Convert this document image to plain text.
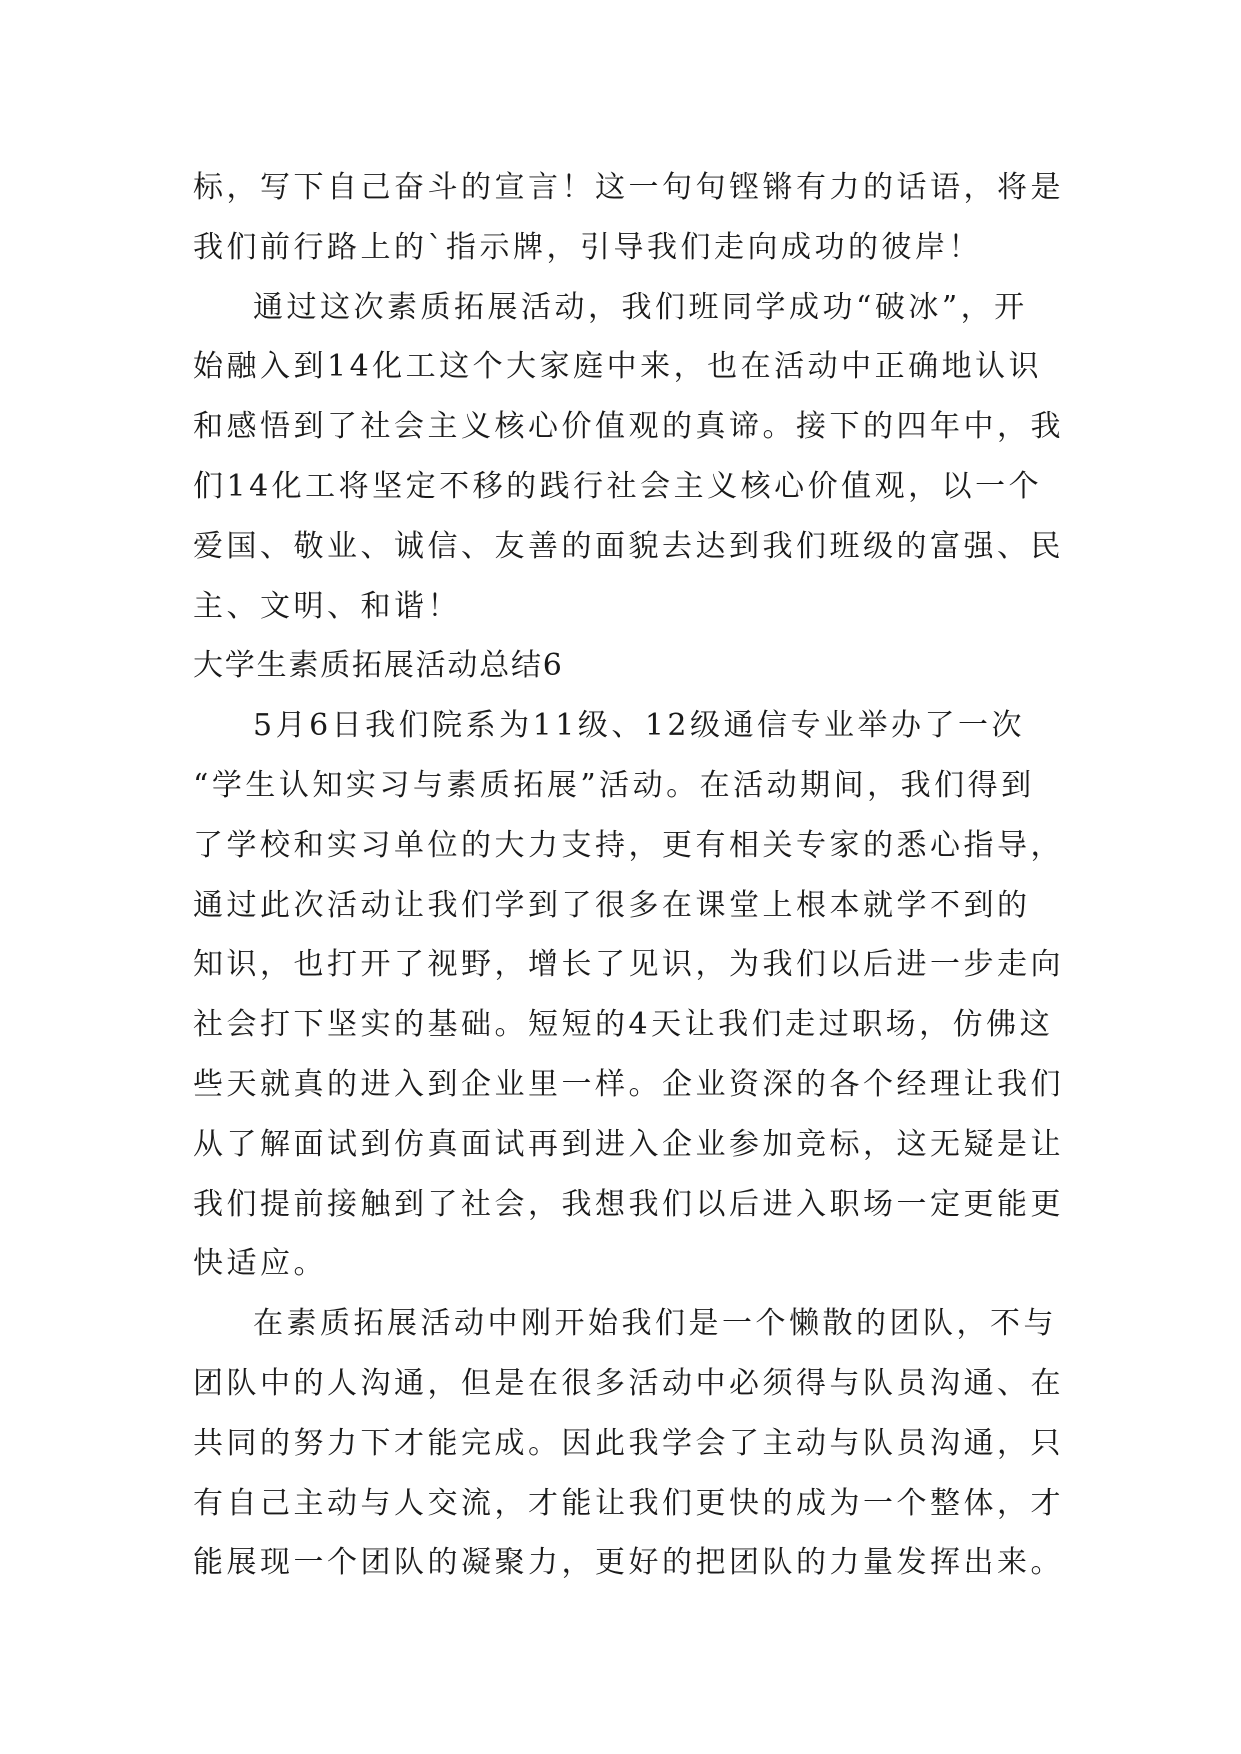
标，写下自己奋斗的宣言！这一句句铿锵有力的话语，将是
我们前行路上的`指示牌，引导我们走向成功的彼岸！
通过这次素质拓展活动，我们班同学成功“破冰”，开
始融入到14化工这个大家庭中来，也在活动中正确地认识
和感悟到了社会主义核心价值观的真谛。接下的四年中，我
们14化工将坚定不移的践行社会主义核心价值观，以一个
爱国、敬业、诚信、友善的面貌去达到我们班级的富强、民
主、文明、和谐！
大学生素质拓展活动总结6
5月6日我们院系为11级、12级通信专业举办了一次
“学生认知实习与素质拓展”活动。在活动期间，我们得到
了学校和实习单位的大力支持，更有相关专家的悉心指导，
通过此次活动让我们学到了很多在课堂上根本就学不到的
知识，也打开了视野，增长了见识，为我们以后进一步走向
社会打下坚实的基础。短短的4天让我们走过职场，仿佛这
些天就真的进入到企业里一样。企业资深的各个经理让我们
从了解面试到仿真面试再到进入企业参加竞标，这无疑是让
我们提前接触到了社会，我想我们以后进入职场一定更能更
快适应。
在素质拓展活动中刚开始我们是一个懒散的团队，不与
团队中的人沟通，但是在很多活动中必须得与队员沟通、在
共同的努力下才能完成。因此我学会了主动与队员沟通，只
有自己主动与人交流，才能让我们更快的成为一个整体，才
能展现一个团队的凝聚力，更好的把团队的力量发挥出来。
